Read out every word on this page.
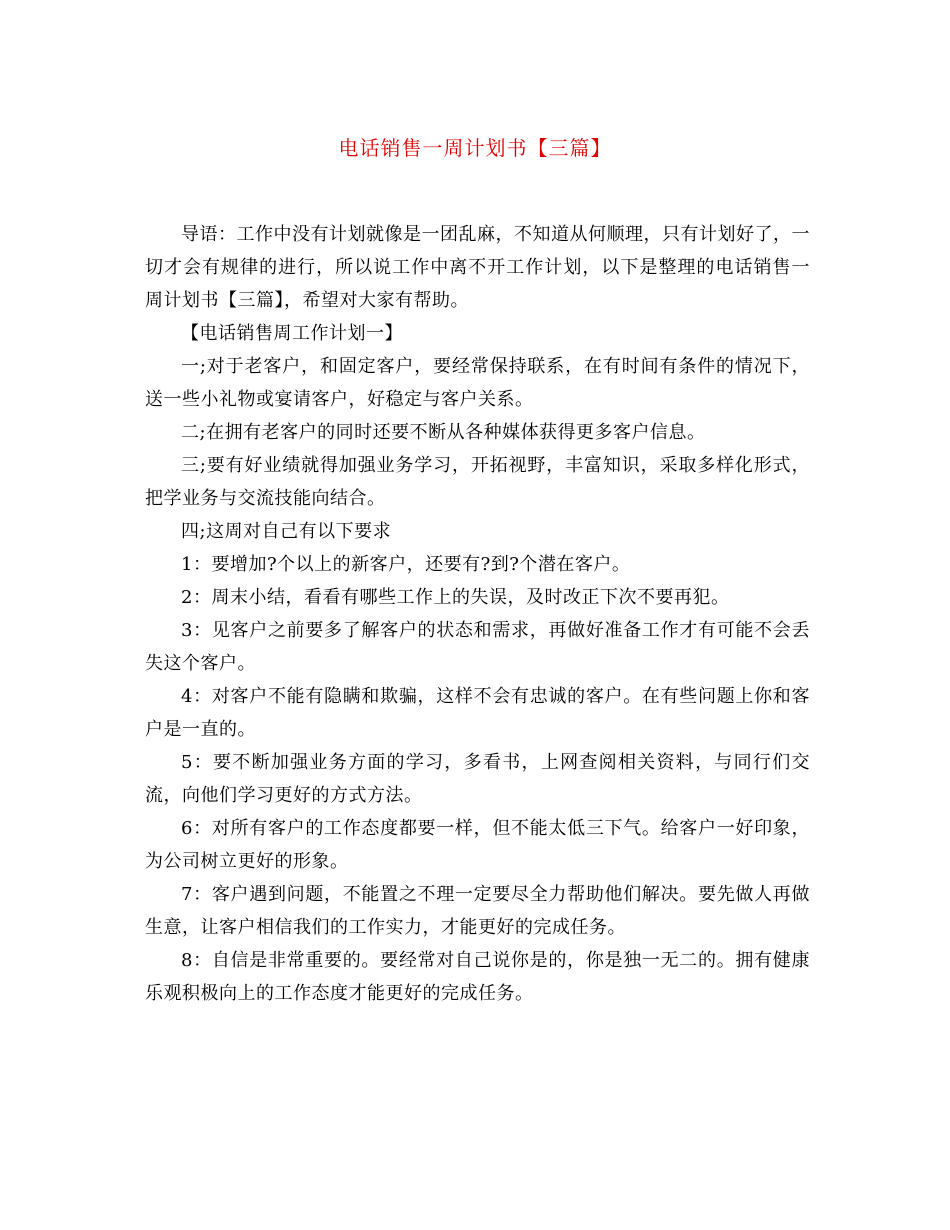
电话销售一周计划书【三篇】

导语：工作中没有计划就像是一团乱麻，不知道从何顺理，只有计划好了，一切才会有规律的进行，所以说工作中离不开工作计划，以下是整理的电话销售一周计划书【三篇】，希望对大家有帮助。

【电话销售周工作计划一】

一;对于老客户，和固定客户，要经常保持联系，在有时间有条件的情况下，送一些小礼物或宴请客户，好稳定与客户关系。

二;在拥有老客户的同时还要不断从各种媒体获得更多客户信息。

三;要有好业绩就得加强业务学习，开拓视野，丰富知识，采取多样化形式，把学业务与交流技能向结合。

四;这周对自己有以下要求

1：要增加?个以上的新客户，还要有?到?个潜在客户。

2：周末小结，看看有哪些工作上的失误，及时改正下次不要再犯。

3：见客户之前要多了解客户的状态和需求，再做好准备工作才有可能不会丢失这个客户。

4：对客户不能有隐瞒和欺骗，这样不会有忠诚的客户。在有些问题上你和客户是一直的。

5：要不断加强业务方面的学习，多看书，上网查阅相关资料，与同行们交流，向他们学习更好的方式方法。

6：对所有客户的工作态度都要一样，但不能太低三下气。给客户一好印象，为公司树立更好的形象。

7：客户遇到问题，不能置之不理一定要尽全力帮助他们解决。要先做人再做生意，让客户相信我们的工作实力，才能更好的完成任务。

8：自信是非常重要的。要经常对自己说你是的，你是独一无二的。拥有健康乐观积极向上的工作态度才能更好的完成任务。
